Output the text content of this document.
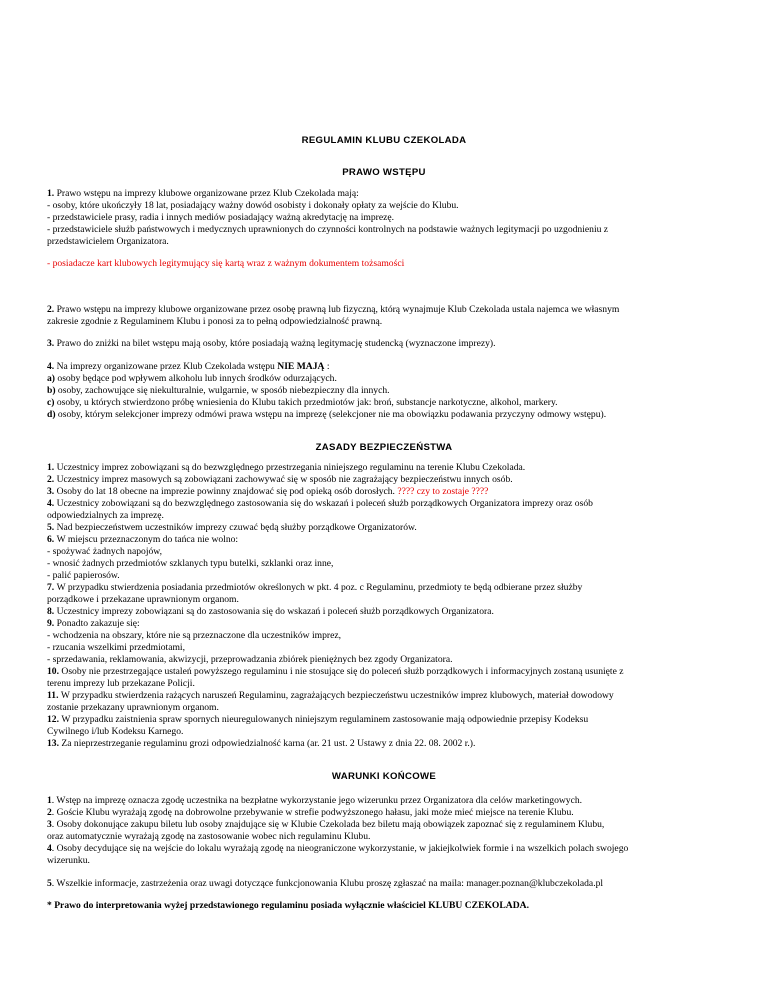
REGULAMIN KLUBU CZEKOLADA
PRAWO WSTĘPU
1. Prawo wstępu na imprezy klubowe organizowane przez Klub Czekolada mają:
- osoby, które ukończyły 18 lat, posiadający ważny dowód osobisty i dokonały opłaty za wejście do Klubu.
- przedstawiciele prasy, radia i innych mediów posiadający ważną akredytację na imprezę.
- przedstawiciele służb państwowych i medycznych uprawnionych do czynności kontrolnych na podstawie ważnych legitymacji po uzgodnieniu z
przedstawicielem Organizatora.
- posiadacze kart klubowych legitymujący się kartą wraz z ważnym dokumentem tożsamości
2. Prawo wstępu na imprezy klubowe organizowane przez osobę prawną lub fizyczną, którą wynajmuje Klub Czekolada ustala najemca we własnym
zakresie zgodnie z Regulaminem Klubu i ponosi za to pełną odpowiedzialność prawną.
3. Prawo do zniżki na bilet wstępu mają osoby, które posiadają ważną legitymację studencką (wyznaczone imprezy).
4. Na imprezy organizowane przez Klub Czekolada wstępu NIE MAJĄ :
a) osoby będące pod wpływem alkoholu lub innych środków odurzających.
b) osoby, zachowujące się niekulturalnie, wulgarnie, w sposób niebezpieczny dla innych.
c) osoby, u których stwierdzono próbę wniesienia do Klubu takich przedmiotów jak: broń, substancje narkotyczne, alkohol, markery.
d) osoby, którym selekcjoner imprezy odmówi prawa wstępu na imprezę (selekcjoner nie ma obowiązku podawania przyczyny odmowy wstępu).
ZASADY BEZPIECZEŃSTWA
1. Uczestnicy imprez zobowiązani są do bezwzględnego przestrzegania niniejszego regulaminu na terenie Klubu Czekolada.
2. Uczestnicy imprez masowych są zobowiązani zachowywać się w sposób nie zagrażający bezpieczeństwu innych osób.
3. Osoby do lat 18 obecne na imprezie powinny znajdować się pod opieką osób dorosłych. ???? czy to zostaje ????
4. Uczestnicy zobowiązani są do bezwzględnego zastosowania się do wskazań i poleceń służb porządkowych Organizatora imprezy oraz osób
odpowiedzialnych za imprezę.
5. Nad bezpieczeństwem uczestników imprezy czuwać będą służby porządkowe Organizatorów.
6. W miejscu przeznaczonym do tańca nie wolno:
- spożywać żadnych napojów,
- wnosić żadnych przedmiotów szklanych typu butelki, szklanki oraz inne,
- palić papierosów.
7. W przypadku stwierdzenia posiadania przedmiotów określonych w pkt. 4 poz. c Regulaminu, przedmioty te będą odbierane przez służby
porządkowe i przekazane uprawnionym organom.
8. Uczestnicy imprezy zobowiązani są do zastosowania się do wskazań i poleceń służb porządkowych Organizatora.
9. Ponadto zakazuje się:
- wchodzenia na obszary, które nie są przeznaczone dla uczestników imprez,
- rzucania wszelkimi przedmiotami,
- sprzedawania, reklamowania, akwizycji, przeprowadzania zbiórek pieniężnych bez zgody Organizatora.
10. Osoby nie przestrzegające ustaleń powyższego regulaminu i nie stosujące się do poleceń służb porządkowych i informacyjnych zostaną usunięte z
terenu imprezy lub przekazane Policji.
11. W przypadku stwierdzenia rażących naruszeń Regulaminu, zagrażających bezpieczeństwu uczestników imprez klubowych, materiał dowodowy
zostanie przekazany uprawnionym organom.
12. W przypadku zaistnienia spraw spornych nieuregulowanych niniejszym regulaminem zastosowanie mają odpowiednie przepisy Kodeksu
Cywilnego i/lub Kodeksu Karnego.
13. Za nieprzestrzeganie regulaminu grozi odpowiedzialność karna (ar. 21 ust. 2 Ustawy z dnia 22. 08. 2002 r.).
WARUNKI KOŃCOWE
1. Wstęp na imprezę oznacza zgodę uczestnika na bezpłatne wykorzystanie jego wizerunku przez Organizatora dla celów marketingowych.
2. Goście Klubu wyrażają zgodę na dobrowolne przebywanie w strefie podwyższonego hałasu, jaki może mieć miejsce na terenie Klubu.
3. Osoby dokonujące zakupu biletu lub osoby znajdujące się w Klubie Czekolada bez biletu mają obowiązek zapoznać się z regulaminem Klubu,
oraz automatycznie wyrażają zgodę na zastosowanie wobec nich regulaminu Klubu.
4. Osoby decydujące się na wejście do lokalu wyrażają zgodę na nieograniczone wykorzystanie, w jakiejkolwiek formie i na wszelkich polach swojego
wizerunku.
5. Wszelkie informacje, zastrzeżenia oraz uwagi dotyczące funkcjonowania Klubu proszę zgłaszać na maila: manager.poznan@klubczekolada.pl
* Prawo do interpretowania wyżej przedstawionego regulaminu posiada wyłącznie właściciel KLUBU CZEKOLADA.
